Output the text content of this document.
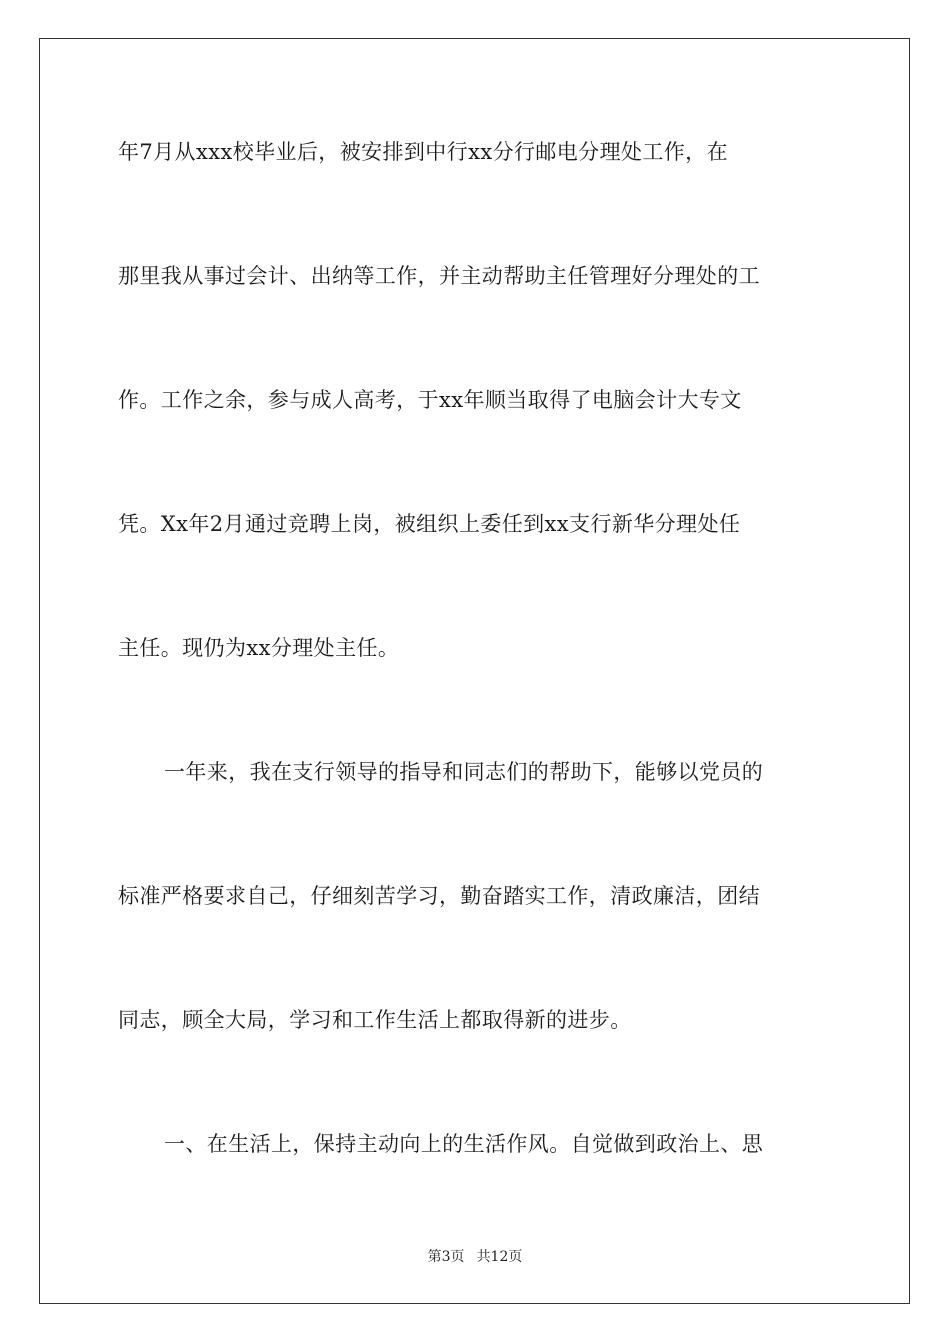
年7月从xxx校毕业后，被安排到中行xx分行邮电分理处工作，在
那里我从事过会计、出纳等工作，并主动帮助主任管理好分理处的工
作。工作之余，参与成人高考，于xx年顺当取得了电脑会计大专文
凭。Xx年2月通过竞聘上岗，被组织上委任到xx支行新华分理处任
主任。现仍为xx分理处主任。
一年来，我在支行领导的指导和同志们的帮助下，能够以党员的
标准严格要求自己，仔细刻苦学习，勤奋踏实工作，清政廉洁，团结
同志，顾全大局，学习和工作生活上都取得新的进步。
一、在生活上，保持主动向上的生活作风。自觉做到政治上、思
第3页 共12页
